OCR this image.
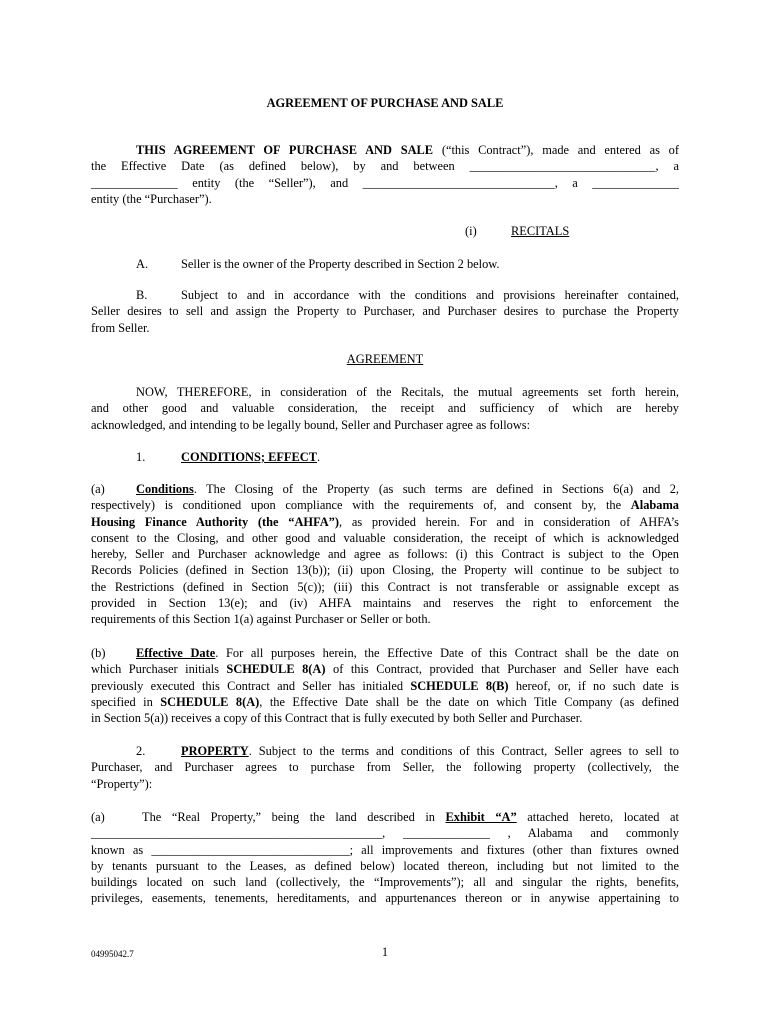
AGREEMENT OF PURCHASE AND SALE
THIS AGREEMENT OF PURCHASE AND SALE (“this Contract”), made and entered as of
the Effective Date (as defined below), by and between ______________________________, a
______________ entity (the “Seller”), and _______________________________, a ______________
entity (the “Purchaser”).
(i)	RECITALS
A.	Seller is the owner of the Property described in Section 2 below.
B.	Subject to and in accordance with the conditions and provisions hereinafter contained,
Seller desires to sell and assign the Property to Purchaser, and Purchaser desires to purchase the Property
from Seller.
AGREEMENT
NOW, THEREFORE, in consideration of the Recitals, the mutual agreements set forth herein,
and other good and valuable consideration, the receipt and sufficiency of which are hereby
acknowledged, and intending to be legally bound, Seller and Purchaser agree as follows:
1.	CONDITIONS; EFFECT.
(a)	Conditions. The Closing of the Property (as such terms are defined in Sections 6(a) and 2,
respectively) is conditioned upon compliance with the requirements of, and consent by, the Alabama
Housing Finance Authority (the “AHFA”), as provided herein. For and in consideration of AHFA’s
consent to the Closing, and other good and valuable consideration, the receipt of which is acknowledged
hereby, Seller and Purchaser acknowledge and agree as follows: (i) this Contract is subject to the Open
Records Policies (defined in Section 13(b)); (ii) upon Closing, the Property will continue to be subject to
the Restrictions (defined in Section 5(c)); (iii) this Contract is not transferable or assignable except as
provided in Section 13(e); and (iv) AHFA maintains and reserves the right to enforcement the
requirements of this Section 1(a) against Purchaser or Seller or both.
(b) Effective Date. For all purposes herein, the Effective Date of this Contract shall be the date on
which Purchaser initials SCHEDULE 8(A) of this Contract, provided that Purchaser and Seller have each
previously executed this Contract and Seller has initialed SCHEDULE 8(B) hereof, or, if no such date is
specified in SCHEDULE 8(A), the Effective Date shall be the date on which Title Company (as defined
in Section 5(a)) receives a copy of this Contract that is fully executed by both Seller and Purchaser.
2.	PROPERTY. Subject to the terms and conditions of this Contract, Seller agrees to sell to
Purchaser, and Purchaser agrees to purchase from Seller, the following property (collectively, the
“Property”):
(a)	The “Real Property,” being the land described in Exhibit “A” attached hereto, located at
_______________________________________________, ______________ , Alabama and commonly
known as ________________________________; all improvements and fixtures (other than fixtures owned
by tenants pursuant to the Leases, as defined below) located thereon, including but not limited to the
buildings located on such land (collectively, the “Improvements”); all and singular the rights, benefits,
privileges, easements, tenements, hereditaments, and appurtenances thereon or in anywise appertaining to
04995042.7	1
